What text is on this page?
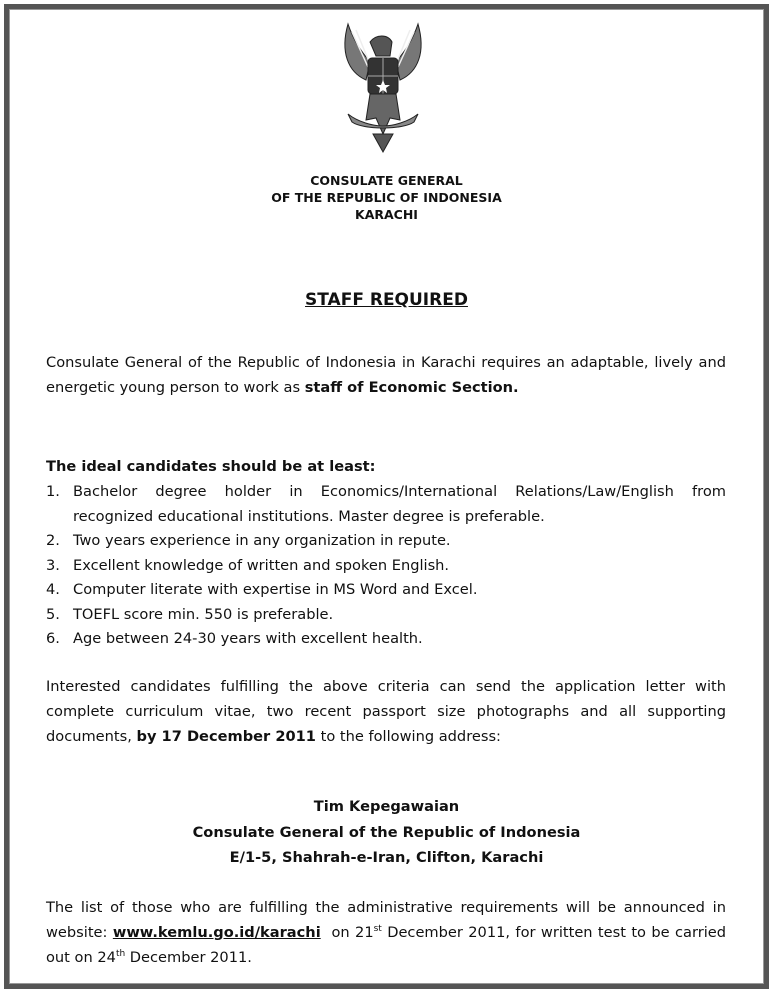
CONSULATE GENERAL
OF THE REPUBLIC OF INDONESIA
KARACHI
STAFF REQUIRED
Consulate General of the Republic of Indonesia in Karachi requires an adaptable, lively and energetic young person to work as staff of Economic Section.
The ideal candidates should be at least:
1. Bachelor degree holder in Economics/International Relations/Law/English from recognized educational institutions. Master degree is preferable.
2. Two years experience in any organization in repute.
3. Excellent knowledge of written and spoken English.
4. Computer literate with expertise in MS Word and Excel.
5. TOEFL score min. 550 is preferable.
6. Age between 24-30 years with excellent health.
Interested candidates fulfilling the above criteria can send the application letter with complete curriculum vitae, two recent passport size photographs and all supporting documents, by 17 December 2011 to the following address:
Tim Kepegawaian
Consulate General of the Republic of Indonesia
E/1-5, Shahrah-e-Iran, Clifton, Karachi
The list of those who are fulfilling the administrative requirements will be announced in website: www.kemlu.go.id/karachi  on 21st December 2011, for written test to be carried out on 24th December 2011.
